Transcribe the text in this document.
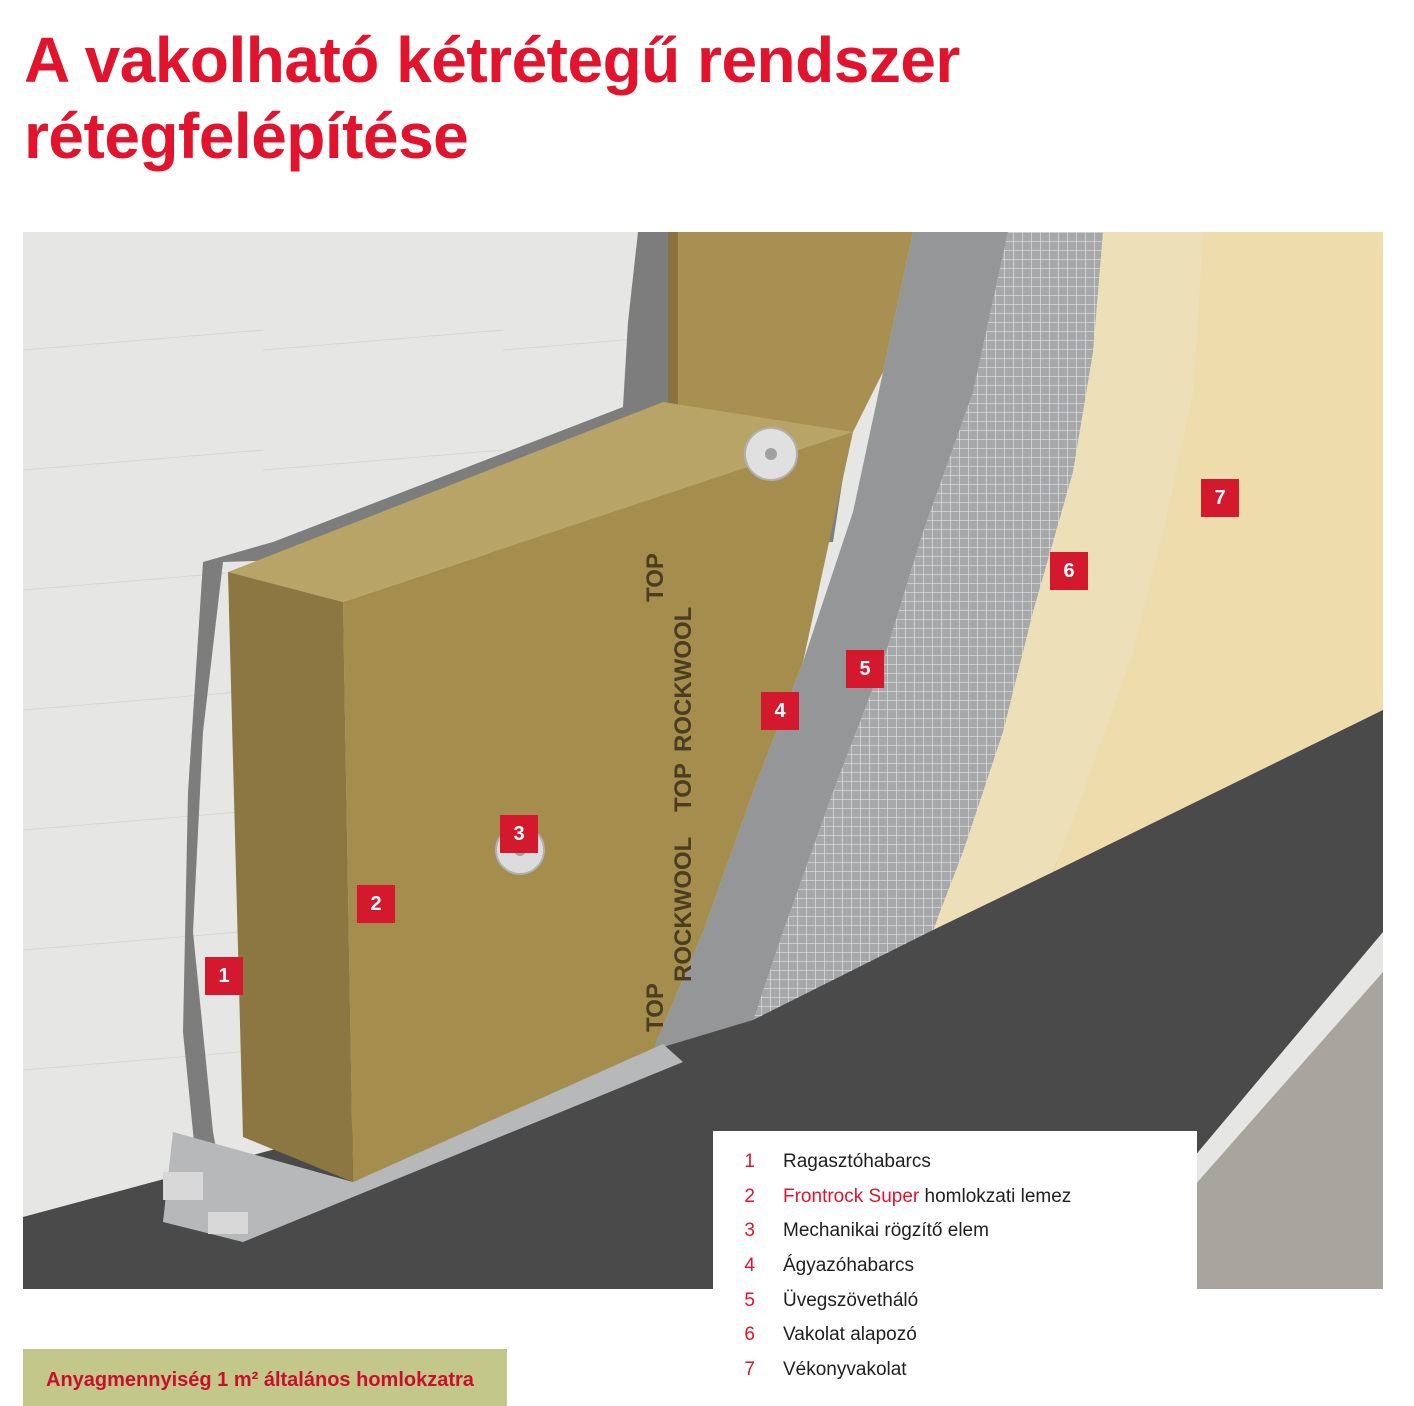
A vakolható kétrétegű rendszer
rétegfelépítése
ROCKWOOL
TOP
TOP
ROCKWOOL
TOP
1
2
3
4
5
6
7
1	Ragasztóhabarcs
2	Frontrock Super homlokzati lemez
3	Mechanikai rögzítő elem
4	Ágyazóhabarcs
5	Üvegszövetháló
6	Vakolat alapozó
7	Vékonyvakolat
Anyagmennyiség 1 m² általános homlokzatra
